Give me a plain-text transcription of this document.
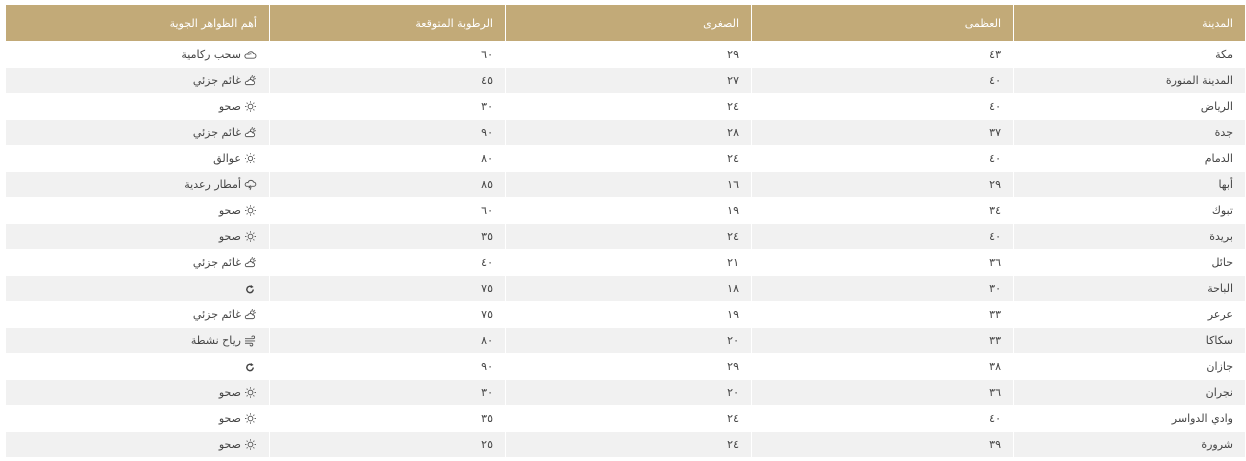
المدينة	العظمى	الصغرى	الرطوبة المتوقعة	أهم الظواهر الجوية
مكة	٤٣	٢٩	٦٠	سحب ركامية

المدينة المنورة	٤٠	٢٧	٤٥	غائم جزئي

الرياض	٤٠	٢٤	٣٠	صحو

جدة	٣٧	٢٨	٩٠	غائم جزئي

الدمام	٤٠	٢٤	٨٠	عوالق

أبها	٢٩	١٦	٨٥	أمطار رعدية

تبوك	٣٤	١٩	٦٠	صحو

بريدة	٤٠	٢٤	٣٥	صحو

حائل	٣٦	٢١	٤٠	غائم جزئي

الباحة	٣٠	١٨	٧٥	

عرعر	٣٣	١٩	٧٥	غائم جزئي

سكاكا	٣٣	٢٠	٨٠	رياح نشطة

جازان	٣٨	٢٩	٩٠	

نجران	٣٦	٢٠	٣٠	صحو

وادي الدواسر	٤٠	٢٤	٣٥	صحو

شرورة	٣٩	٢٤	٢٥	صحو
